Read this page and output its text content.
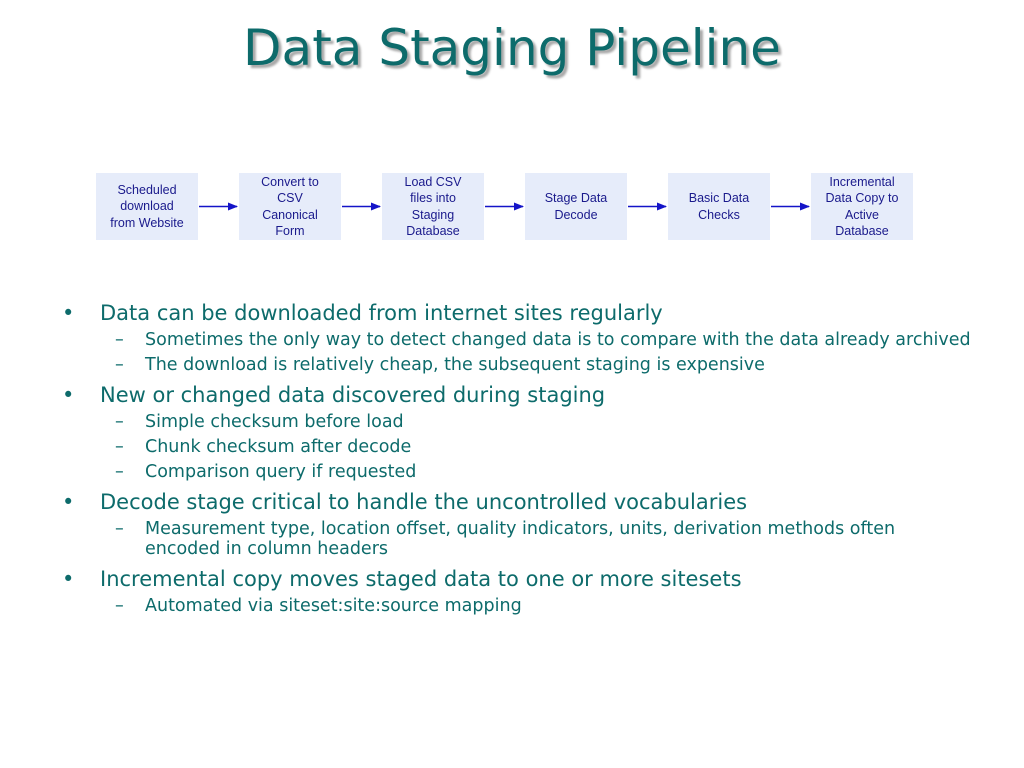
Data Staging Pipeline
Scheduled
download
from Website
Convert to
CSV
Canonical
Form
Load CSV
files into
Staging
Database
Stage Data
Decode
Basic Data
Checks
Incremental
Data Copy to
Active
Database
• Data can be downloaded from internet sites regularly
– Sometimes the only way to detect changed data is to compare with the data already archived
– The download is relatively cheap, the subsequent staging is expensive
• New or changed data discovered during staging
– Simple checksum before load
– Chunk checksum after decode
– Comparison query if requested
• Decode stage critical to handle the uncontrolled vocabularies
– Measurement type, location offset, quality indicators, units, derivation methods often encoded in column headers
• Incremental copy moves staged data to one or more sitesets
– Automated via siteset:site:source mapping
